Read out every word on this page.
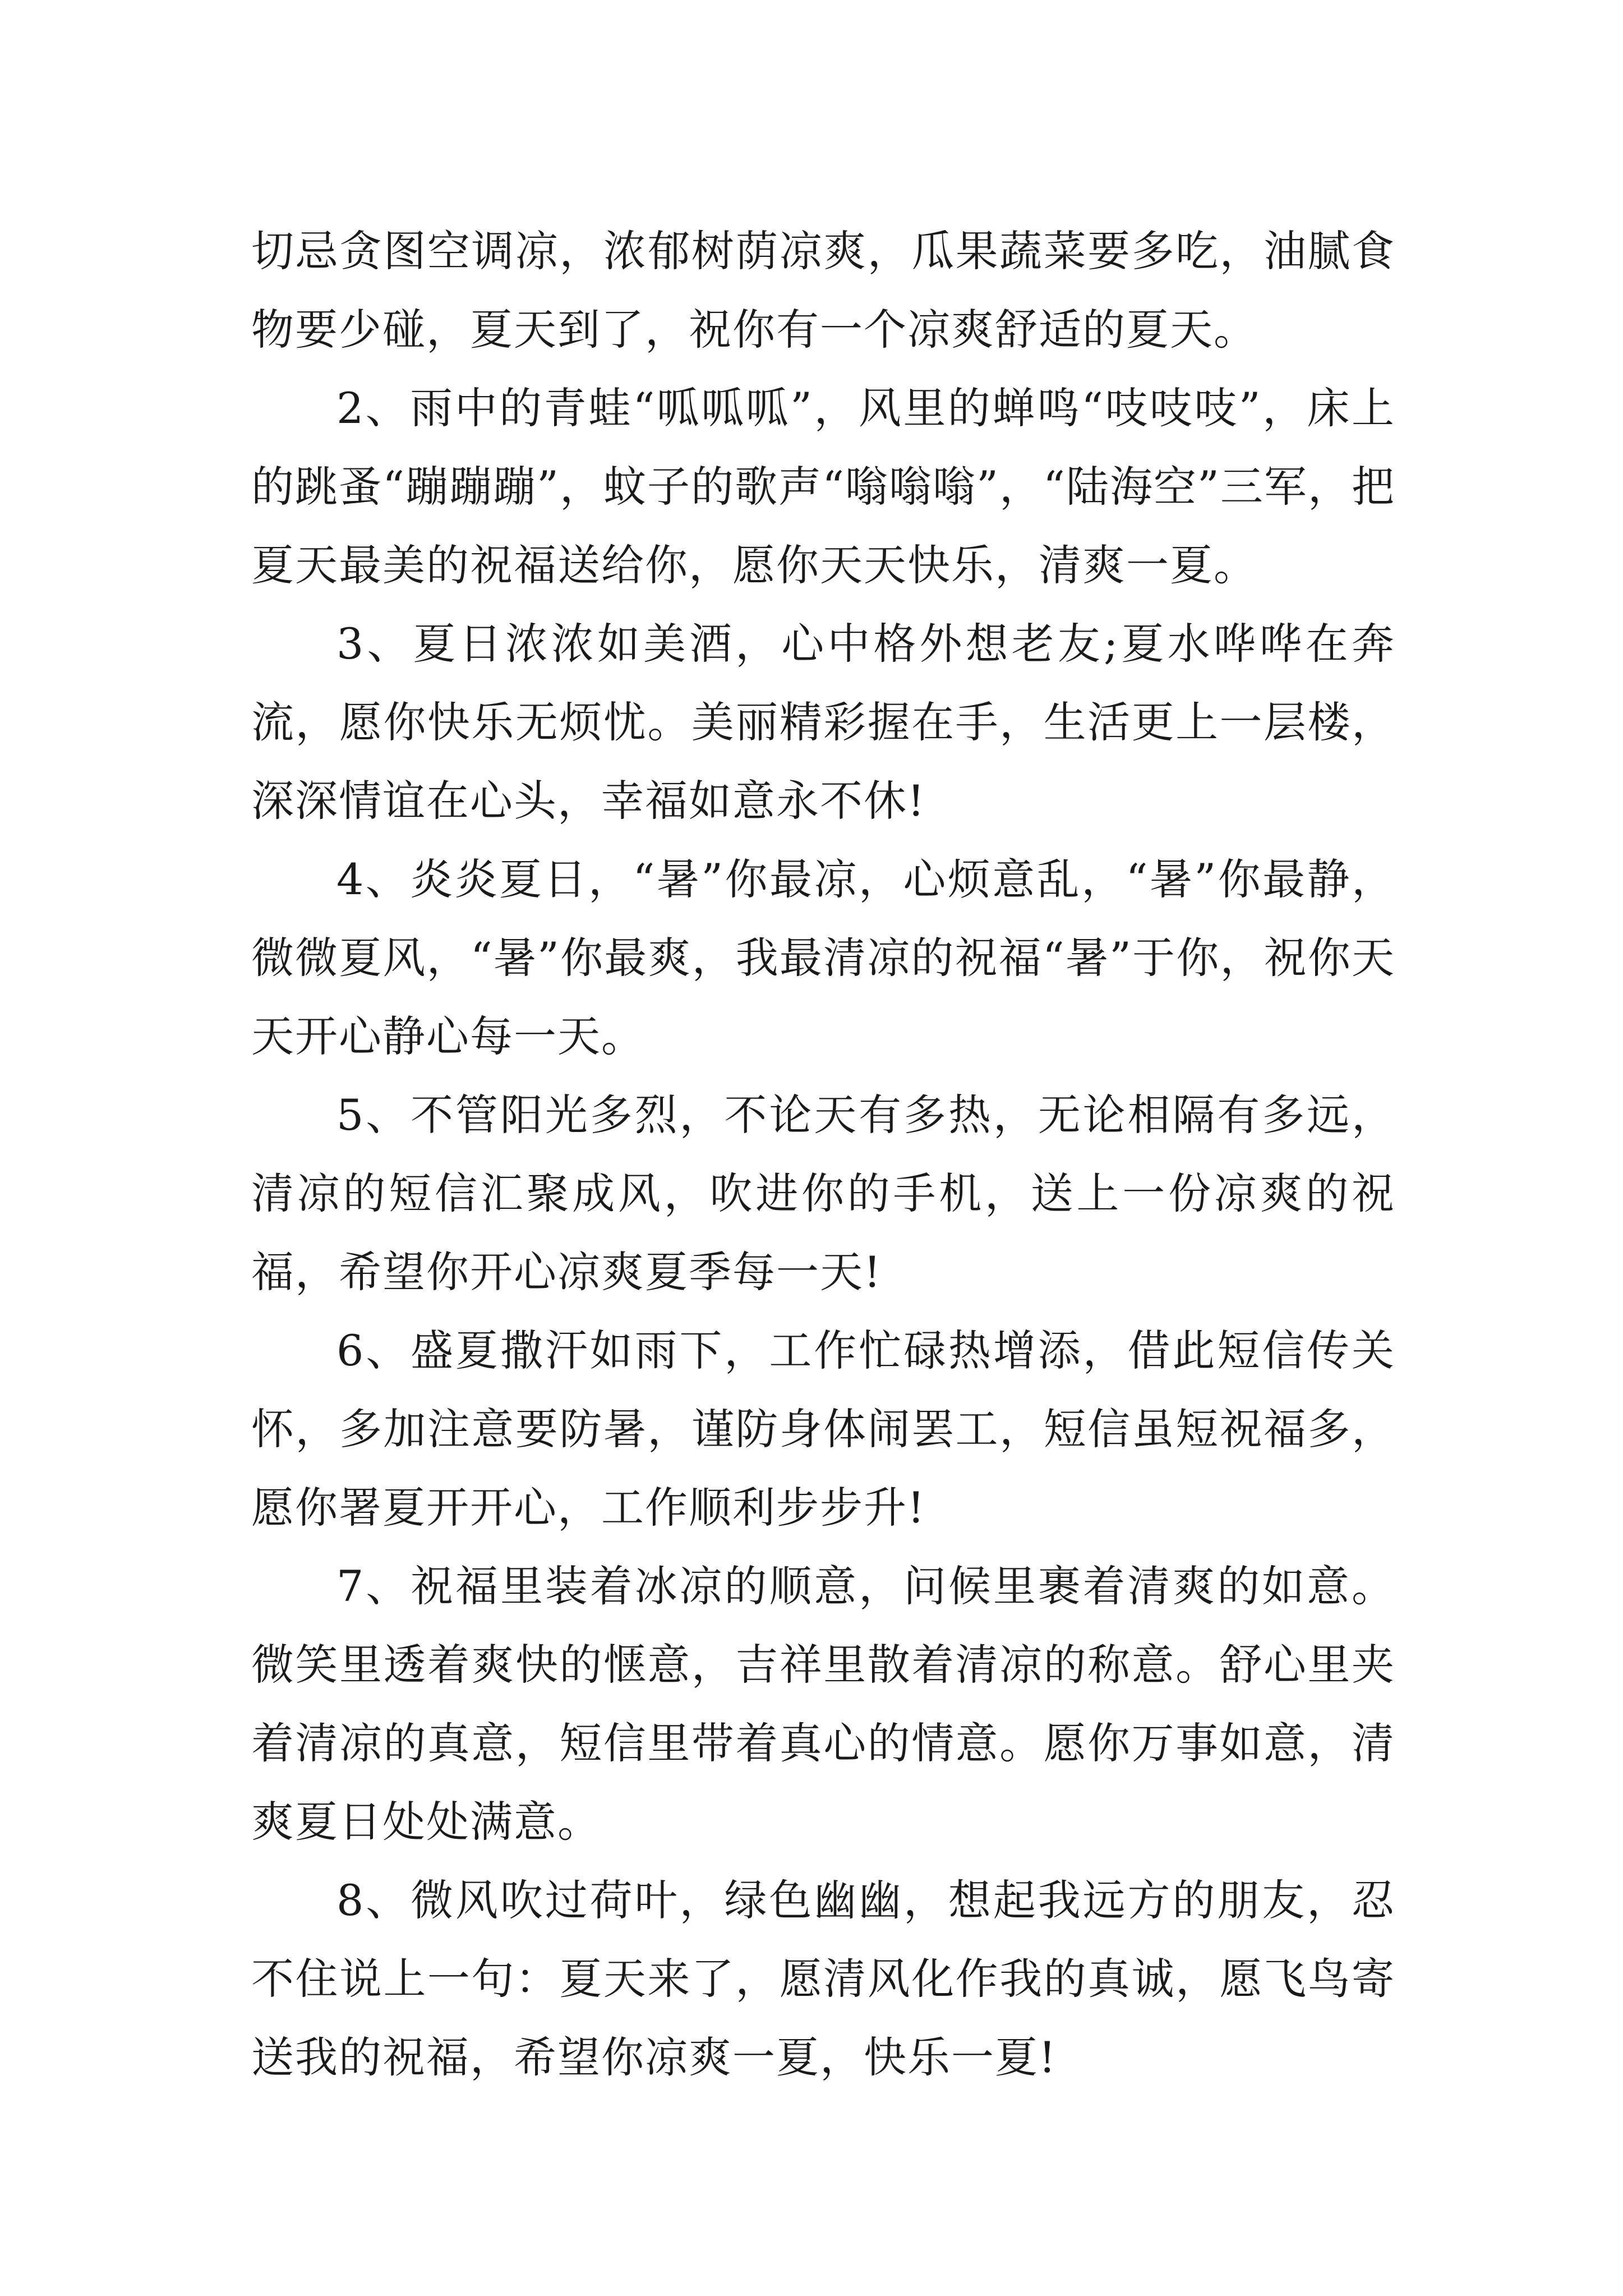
切忌贪图空调凉，浓郁树荫凉爽，瓜果蔬菜要多吃，油腻食物要少碰，夏天到了，祝你有一个凉爽舒适的夏天。

2、雨中的青蛙“呱呱呱”，风里的蝉鸣“吱吱吱”，床上的跳蚤“蹦蹦蹦”，蚊子的歌声“嗡嗡嗡”，“陆海空”三军，把夏天最美的祝福送给你，愿你天天快乐，清爽一夏。

3、夏日浓浓如美酒，心中格外想老友;夏水哗哗在奔流，愿你快乐无烦忧。美丽精彩握在手，生活更上一层楼，深深情谊在心头，幸福如意永不休!

4、炎炎夏日，“暑”你最凉，心烦意乱，“暑”你最静，微微夏风，“暑”你最爽，我最清凉的祝福“暑”于你，祝你天天开心静心每一天。

5、不管阳光多烈，不论天有多热，无论相隔有多远，清凉的短信汇聚成风，吹进你的手机，送上一份凉爽的祝福，希望你开心凉爽夏季每一天!

6、盛夏撒汗如雨下，工作忙碌热增添，借此短信传关怀，多加注意要防暑，谨防身体闹罢工，短信虽短祝福多，愿你署夏开开心，工作顺利步步升!

7、祝福里装着冰凉的顺意，问候里裹着清爽的如意。微笑里透着爽快的惬意，吉祥里散着清凉的称意。舒心里夹着清凉的真意，短信里带着真心的情意。愿你万事如意，清爽夏日处处满意。

8、微风吹过荷叶，绿色幽幽，想起我远方的朋友，忍不住说上一句：夏天来了，愿清风化作我的真诚，愿飞鸟寄送我的祝福，希望你凉爽一夏，快乐一夏!
